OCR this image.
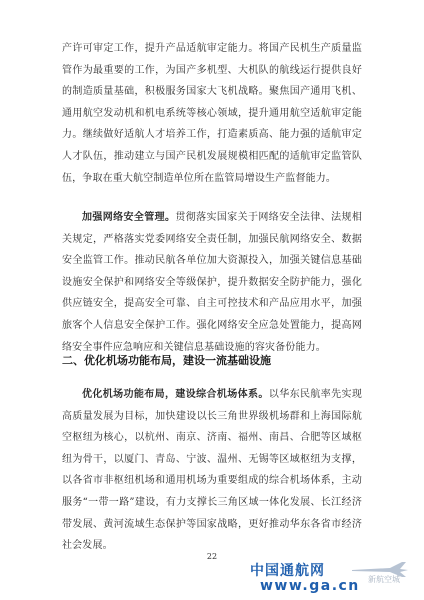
产许可审定工作，提升产品适航审定能力。将国产民机生产质量监管作为最重要的工作，为国产多机型、大机队的航线运行提供良好的制造质量基础，积极服务国家大飞机战略。聚焦国产通用飞机、通用航空发动机和机电系统等核心领域，提升通用航空适航审定能力。继续做好适航人才培养工作，打造素质高、能力强的适航审定人才队伍，推动建立与国产民机发展规模相匹配的适航审定监管队伍，争取在重大航空制造单位所在监管局增设生产监督能力。

加强网络安全管理。贯彻落实国家关于网络安全法律、法规相关规定，严格落实党委网络安全责任制，加强民航网络安全、数据安全监管工作。推动民航各单位加大资源投入，加强关键信息基础设施安全保护和网络安全等级保护，提升数据安全防护能力，强化供应链安全，提高安全可靠、自主可控技术和产品应用水平，加强旅客个人信息安全保护工作。强化网络安全应急处置能力，提高网络安全事件应急响应和关键信息基础设施的容灾备份能力。

二、优化机场功能布局，建设一流基础设施

优化机场功能布局，建设综合机场体系。以华东民航率先实现高质量发展为目标，加快建设以长三角世界级机场群和上海国际航空枢纽为核心，以杭州、南京、济南、福州、南昌、合肥等区域枢纽为骨干，以厦门、青岛、宁波、温州、无锡等区域枢纽为支撑，以各省市非枢纽机场和通用机场为重要组成的综合机场体系，主动服务“一带一路”建设，有力支撑长三角区域一体化发展、长江经济带发展、黄河流域生态保护等国家战略，更好推动华东各省市经济社会发展。

22
中国通航网
www.ga.cn 新航空城
